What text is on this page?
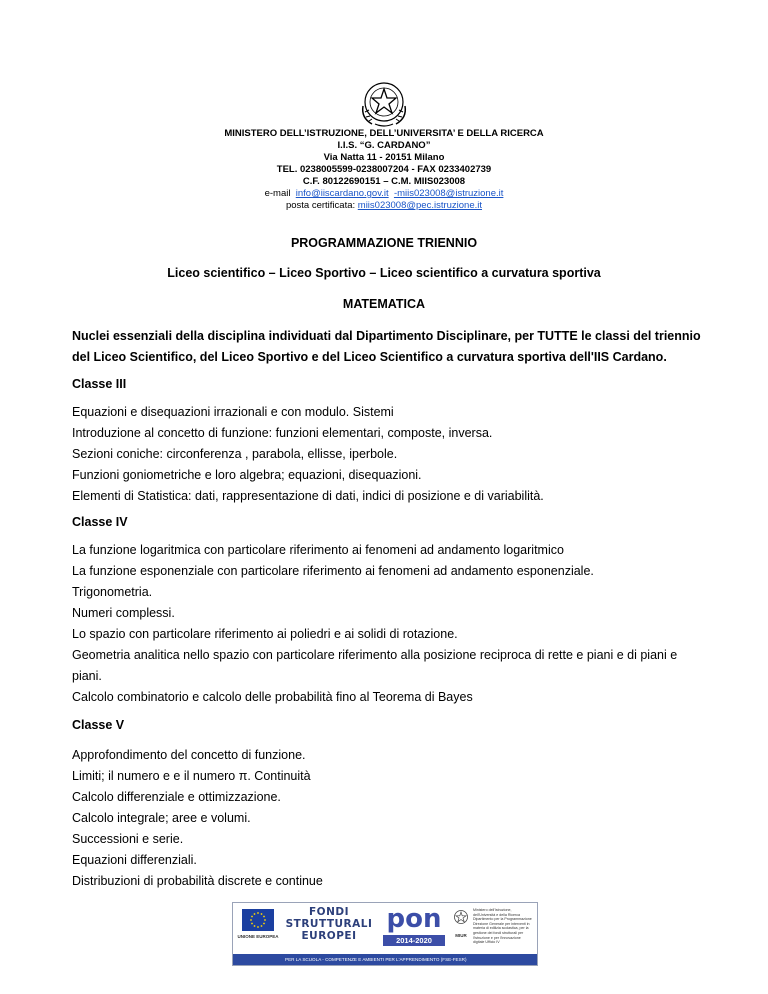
MINISTERO DELL’ISTRUZIONE, DELL’UNIVERSITA’ E DELLA RICERCA
I.I.S. “G. CARDANO”
Via Natta 11 - 20151 Milano
TEL. 0238005599-0238007204 - FAX 0233402739
C.F. 80122690151 – C.M. MIIS023008
e-mail info@iiscardano.gov.it -miis023008@istruzione.it
posta certificata: miis023008@pec.istruzione.it
PROGRAMMAZIONE TRIENNIO
Liceo scientifico – Liceo Sportivo – Liceo scientifico a curvatura sportiva
MATEMATICA
Nuclei essenziali della disciplina individuati dal Dipartimento Disciplinare, per TUTTE le classi del triennio del Liceo Scientifico, del Liceo Sportivo e del Liceo Scientifico a curvatura sportiva dell'IIS Cardano.
Classe III
Equazioni e disequazioni irrazionali e con modulo. Sistemi
Introduzione al concetto di funzione: funzioni elementari, composte, inversa.
Sezioni coniche: circonferenza , parabola, ellisse, iperbole.
Funzioni goniometriche e loro algebra; equazioni, disequazioni.
Elementi di Statistica: dati, rappresentazione di dati, indici di posizione e di variabilità.
Classe IV
La funzione logaritmica con particolare riferimento ai fenomeni ad andamento logaritmico
La funzione esponenziale con particolare riferimento ai fenomeni ad andamento esponenziale.
Trigonometria.
Numeri complessi.
Lo spazio con particolare riferimento ai poliedri e ai solidi di rotazione.
Geometria analitica nello spazio con particolare riferimento alla posizione reciproca di rette e piani e di piani e piani.
Calcolo combinatorio e calcolo delle probabilità fino al Teorema di Bayes
Classe V
Approfondimento del concetto di funzione.
Limiti; il numero e e il numero π. Continuità
Calcolo differenziale e ottimizzazione.
Calcolo integrale; aree e volumi.
Successioni e serie.
Equazioni differenziali.
Distribuzioni di probabilità discrete e continue
UNIONE EUROPEA
FONDI
STRUTTURALI
EUROPEI
pon
2014-2020
MIUR
Ministero dell'Istruzione, dell'Università e della Ricerca Dipartimento per la Programmazione Direzione Generale per interventi in materia di edilizia scolastica, per la gestione dei fondi strutturali per l'istruzione e per l'innovazione digitale Ufficio IV
PER LA SCUOLA - COMPETENZE E AMBIENTI PER L'APPRENDIMENTO (FSE-FESR)
